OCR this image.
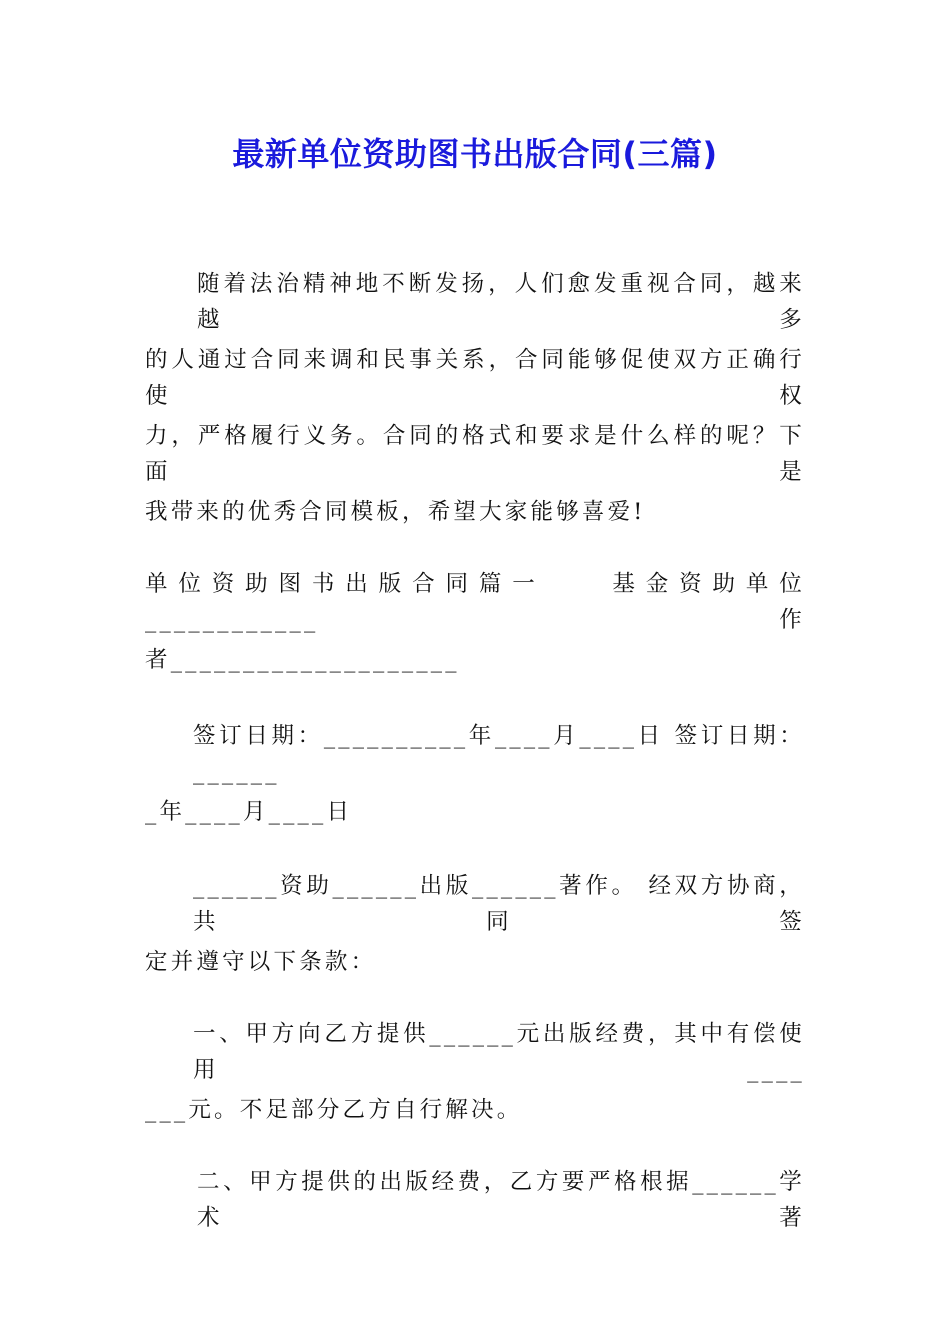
最新单位资助图书出版合同(三篇)
随着法治精神地不断发扬，人们愈发重视合同，越来越多
的人通过合同来调和民事关系，合同能够促使双方正确行使权
力，严格履行义务。合同的格式和要求是什么样的呢？下面是
我带来的优秀合同模板，希望大家能够喜爱!
单位资助图书出版合同篇一　　基金资助单位____________ 作
者____________________
签订日期：__________年____月____日 签订日期：______
_年____月____日
______资助______出版______著作。 经双方协商，共同签
定并遵守以下条款：
一、甲方向乙方提供______元出版经费，其中有偿使用____
___元。不足部分乙方自行解决。
二、甲方提供的出版经费，乙方要严格根据______学术著
